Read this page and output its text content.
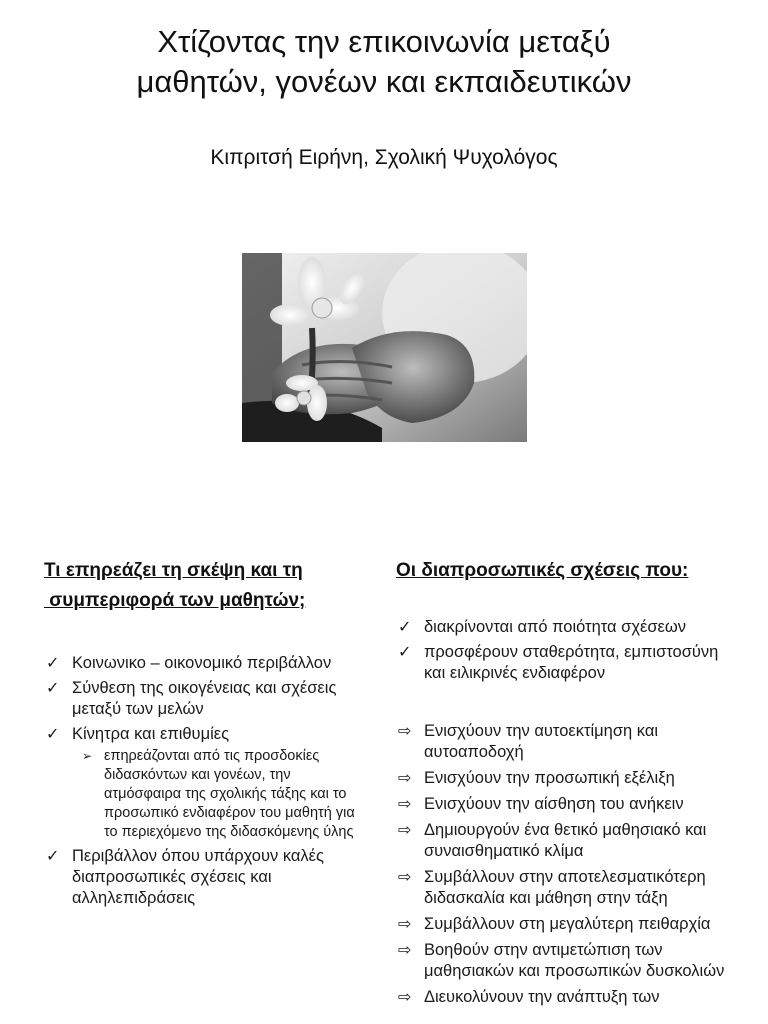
Χτίζοντας την επικοινωνία μεταξύ
μαθητών, γονέων και εκπαιδευτικών
Κιπριτσή Ειρήνη, Σχολική Ψυχολόγος
Τι επηρεάζει τη σκέψη και τη
συμπεριφορά των μαθητών;
✓ Κοινωνικο – οικονομικό περιβάλλον
✓ Σύνθεση της οικογένειας και σχέσεις μεταξύ των μελών
✓ Κίνητρα και επιθυμίες
➢ επηρεάζονται από τις προσδοκίες διδασκόντων και γονέων, την ατμόσφαιρα της σχολικής τάξης και το προσωπικό ενδιαφέρον του μαθητή για το περιεχόμενο της διδασκόμενης ύλης
✓ Περιβάλλον όπου υπάρχουν καλές διαπροσωπικές σχέσεις και αλληλεπιδράσεις
Οι διαπροσωπικές σχέσεις που:
✓ διακρίνονται από ποιότητα σχέσεων
✓ προσφέρουν σταθερότητα, εμπιστοσύνη και ειλικρινές ενδιαφέρον
⇨ Ενισχύουν την αυτοεκτίμηση και αυτοαποδοχή
⇨ Ενισχύουν την προσωπική εξέλιξη
⇨ Ενισχύουν την αίσθηση του ανήκειν
⇨ Δημιουργούν ένα θετικό μαθησιακό και συναισθηματικό κλίμα
⇨ Συμβάλλουν στην αποτελεσματικότερη διδασκαλία και μάθηση στην τάξη
⇨ Συμβάλλουν στη μεγαλύτερη πειθαρχία
⇨ Βοηθούν στην αντιμετώπιση των μαθησιακών και προσωπικών δυσκολιών
⇨ Διευκολύνουν την ανάπτυξη των
